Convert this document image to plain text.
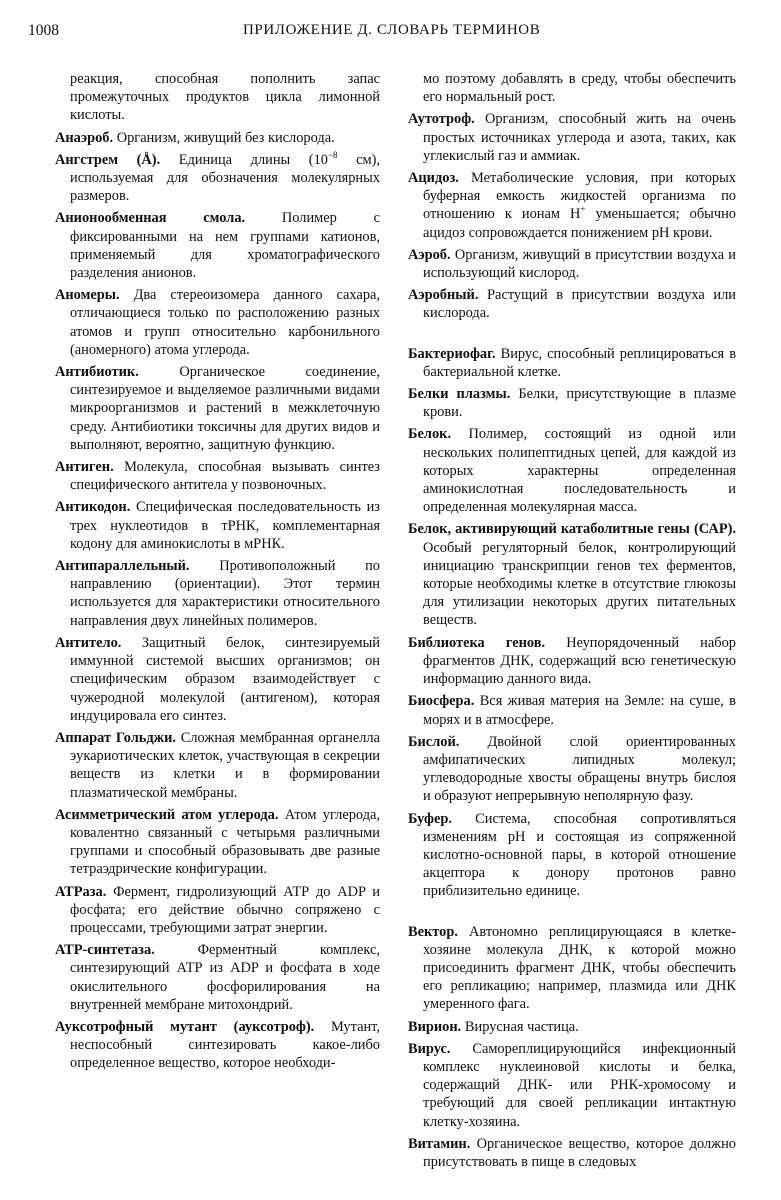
1008	ПРИЛОЖЕНИЕ Д. СЛОВАРЬ ТЕРМИНОВ

реакция, способная пополнить запас промежуточных продуктов цикла лимонной кислоты.

Анаэроб. Организм, живущий без кислорода.

Ангстрем (Å). Единица длины ($10^{-8}$ см), используемая для обозначения молекулярных размеров.

Анионообменная смола.	Полимер с фиксированными на нем группами катионов, применяемый для хроматографического разделения анионов.

Аномеры. Два стереоизомера данного сахара, отличающиеся только по расположению разных атомов и групп относительно карбонильного (аномерного) атома углерода.

Антибиотик.	Органическое соединение, синтезируемое и выделяемое различными видами микроорганизмов и растений в межклеточную среду. Антибиотики токсичны для других видов и выполняют, вероятно, защитную функцию.

Антиген. Молекула, способная вызывать синтез специфического антитела у позвоночных.

Антикодон. Специфическая последовательность из трех нуклеотидов в тРНК, комплементарная кодону для аминокислоты в мРНК.

Антипараллельный. Противоположный по направлению (ориентации). Этот термин используется для характеристики относительного направления двух линейных полимеров.

Антитело. Защитный белок, синтезируемый иммунной системой высших организмов; он специфическим образом взаимодействует с чужеродной молекулой (антигеном), которая индуцировала его синтез.

Аппарат Гольджи. Сложная мембранная органелла эукариотических клеток, участвующая в секреции веществ из клетки и в формировании плазматической мембраны.

Асимметрический атом углерода. Атом углерода, ковалентно связанный с четырьмя различными группами и способный образовывать две разные тетраэдрические конфигурации.

АТРаза. Фермент, гидролизующий АТР до ADP и фосфата; его действие обычно сопряжено с процессами, требующими затрат энергии.

АТР-синтетаза.	Ферментный комплекс, синтезирующий АТР из ADP и фосфата в ходе окислительного фосфорилирования на внутренней мембране митохондрий.

Ауксотрофный мутант (ауксотроф). Мутант, неспособный синтезировать какое-либо определенное вещество, которое необходи-

мо поэтому добавлять в среду, чтобы обеспечить его нормальный рост.

Аутотроф. Организм, способный жить на очень простых источниках углерода и азота, таких, как углекислый газ и аммиак.

Ацидоз. Метаболические условия, при которых буферная емкость жидкостей организма по отношению к ионам H+ уменьшается; обычно ацидоз сопровождается понижением pH крови.

Аэроб. Организм, живущий в присутствии воздуха и использующий кислород.

Аэробный. Растущий в присутствии воздуха или кислорода.

Бактериофаг. Вирус, способный реплицироваться в бактериальной клетке.

Белки плазмы. Белки, присутствующие в плазме крови.

Белок. Полимер, состоящий из одной или нескольких полипептидных цепей, для каждой из которых характерны определенная аминокислотная последовательность и определенная молекулярная масса.

Белок, активирующий катаболитные гены (САР). Особый регуляторный белок, контролирующий инициацию транскрипции генов тех ферментов, которые необходимы клетке в отсутствие глюкозы для утилизации некоторых других питательных веществ.

Библиотека генов. Неупорядоченный набор фрагментов ДНК, содержащий всю генетическую информацию данного вида.

Биосфера. Вся живая материя на Земле: на суше, в морях и в атмосфере.

Бислой. Двойной слой ориентированных амфипатических липидных молекул; углеводородные хвосты обращены внутрь бислоя и образуют непрерывную неполярную фазу.

Буфер. Система, способная сопротивляться изменениям pH и состоящая из сопряженной кислотно-основной пары, в которой отношение акцептора к донору протонов равно приблизительно единице.

Вектор. Автономно реплицирующаяся в клетке-хозяине молекула ДНК, к которой можно присоединить фрагмент ДНК, чтобы обеспечить его репликацию; например, плазмида или ДНК умеренного фага.

Вирион. Вирусная частица.

Вирус. Самореплицирующийся инфекционный комплекс нуклеиновой кислоты и белка, содержащий ДНК- или РНК-хромосому и требующий для своей репликации интактную клетку-хозяина.

Витамин. Органическое вещество, которое должно присутствовать в пище в следовых
